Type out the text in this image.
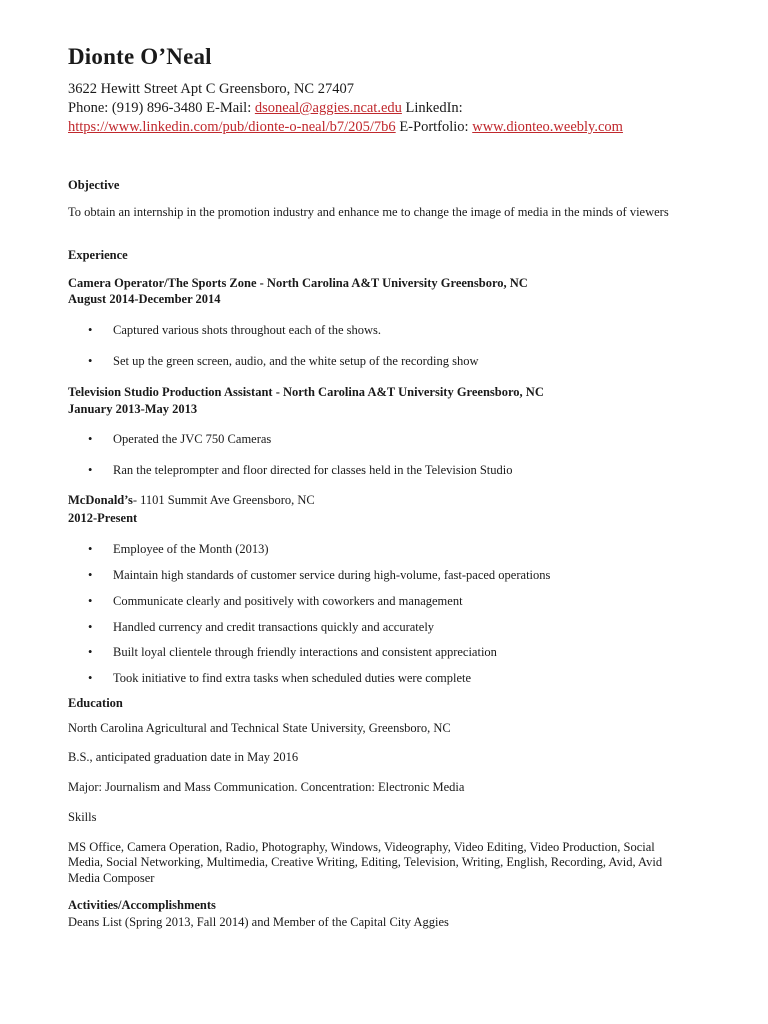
Dionte O’Neal
3622 Hewitt Street Apt C Greensboro, NC 27407
Phone: (919) 896-3480 E-Mail: dsoneal@aggies.ncat.edu LinkedIn:
https://www.linkedin.com/pub/dionte-o-neal/b7/205/7b6 E-Portfolio: www.dionteo.weebly.com
Objective
To obtain an internship in the promotion industry and enhance me to change the image of media in the minds of viewers
Experience
Camera Operator/The Sports Zone - North Carolina A&T University Greensboro, NC
August 2014-December 2014
• Captured various shots throughout each of the shows.
• Set up the green screen, audio, and the white setup of the recording show
Television Studio Production Assistant - North Carolina A&T University Greensboro, NC
January 2013-May 2013
• Operated the JVC 750 Cameras
• Ran the teleprompter and floor directed for classes held in the Television Studio
McDonald’s- 1101 Summit Ave Greensboro, NC
2012-Present
• Employee of the Month (2013)
• Maintain high standards of customer service during high-volume, fast-paced operations
• Communicate clearly and positively with coworkers and management
• Handled currency and credit transactions quickly and accurately
• Built loyal clientele through friendly interactions and consistent appreciation
• Took initiative to find extra tasks when scheduled duties were complete
Education
North Carolina Agricultural and Technical State University, Greensboro, NC
B.S., anticipated graduation date in May 2016
Major: Journalism and Mass Communication. Concentration: Electronic Media
Skills
MS Office, Camera Operation, Radio, Photography, Windows, Videography, Video Editing, Video Production, Social
Media, Social Networking, Multimedia, Creative Writing, Editing, Television, Writing, English, Recording, Avid, Avid
Media Composer
Activities/Accomplishments
Deans List (Spring 2013, Fall 2014) and Member of the Capital City Aggies
